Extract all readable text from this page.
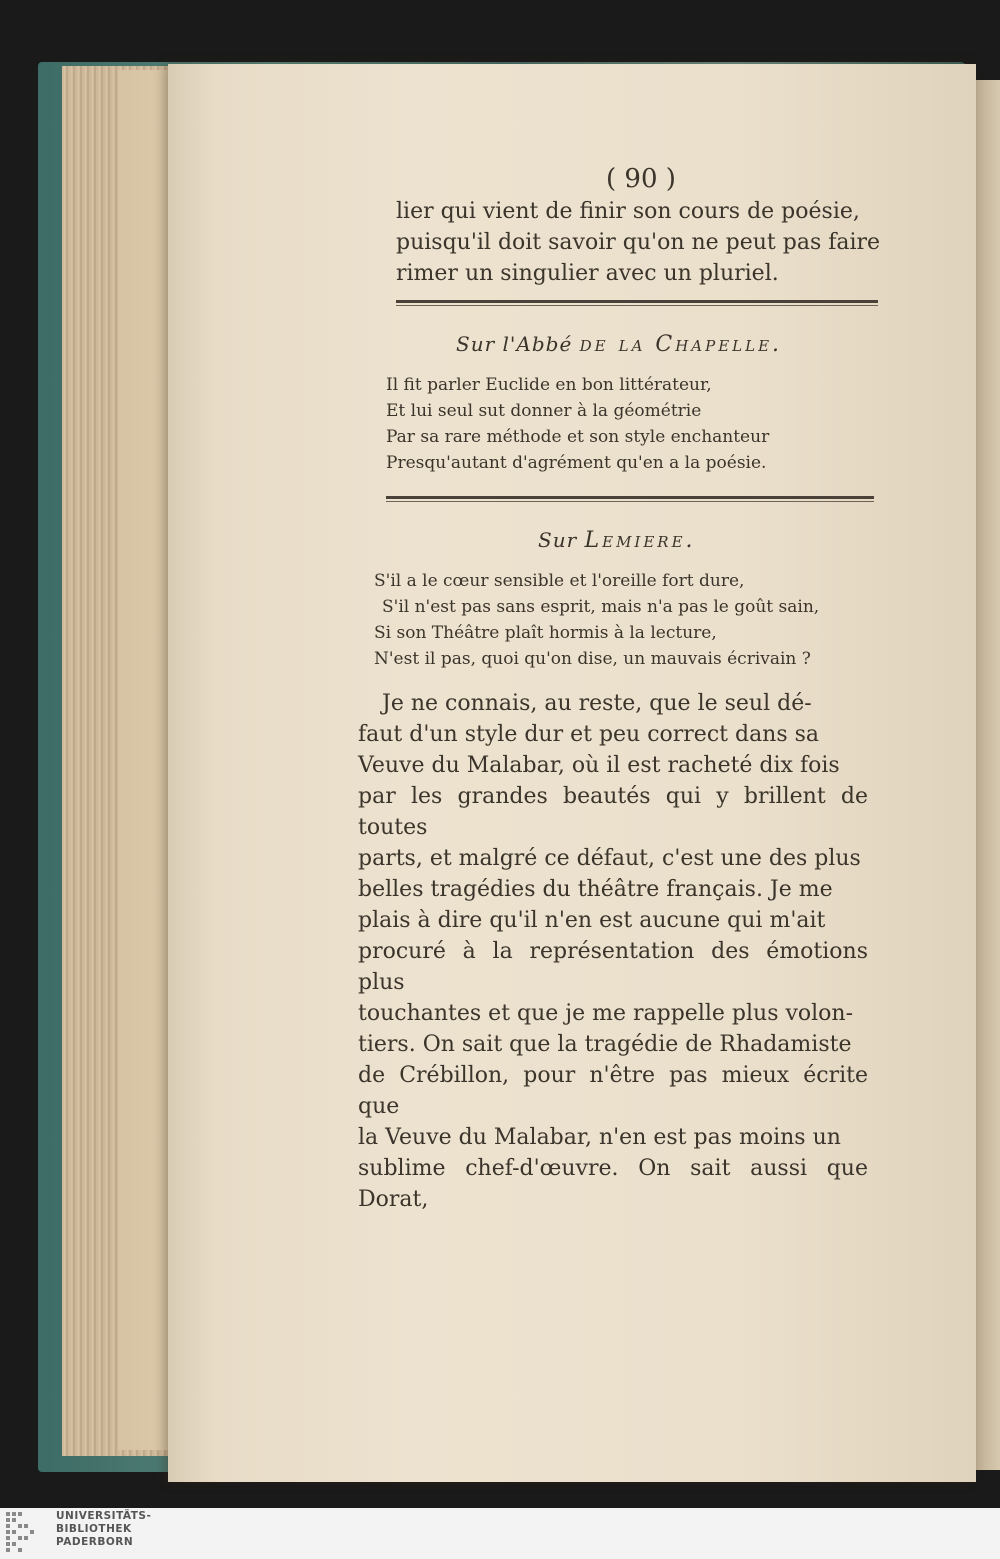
( 90 )
lier qui vient de finir son cours de poésie,
puisqu'il doit savoir qu'on ne peut pas faire
rimer un singulier avec un pluriel.
Sur l'Abbé de la Chapelle.
Il fit parler Euclide en bon littérateur,
Et lui seul sut donner à la géométrie
Par sa rare méthode et son style enchanteur
Presqu'autant d'agrément qu'en a la poésie.
Sur Lemiere.
S'il a le cœur sensible et l'oreille fort dure,
S'il n'est pas sans esprit, mais n'a pas le goût sain,
Si son Théâtre plaît hormis à la lecture,
N'est il pas, quoi qu'on dise, un mauvais écrivain ?
Je ne connais, au reste, que le seul dé-
faut d'un style dur et peu correct dans sa
Veuve du Malabar, où il est racheté dix fois
par les grandes beautés qui y brillent de toutes
parts, et malgré ce défaut, c'est une des plus
belles tragédies du théâtre français. Je me
plais à dire qu'il n'en est aucune qui m'ait
procuré à la représentation des émotions plus
touchantes et que je me rappelle plus volon-
tiers. On sait que la tragédie de Rhadamiste
de Crébillon, pour n'être pas mieux écrite que
la Veuve du Malabar, n'en est pas moins un
sublime chef-d'œuvre. On sait aussi que Dorat,
UNIVERSITÄTS-
BIBLIOTHEK
PADERBORN
